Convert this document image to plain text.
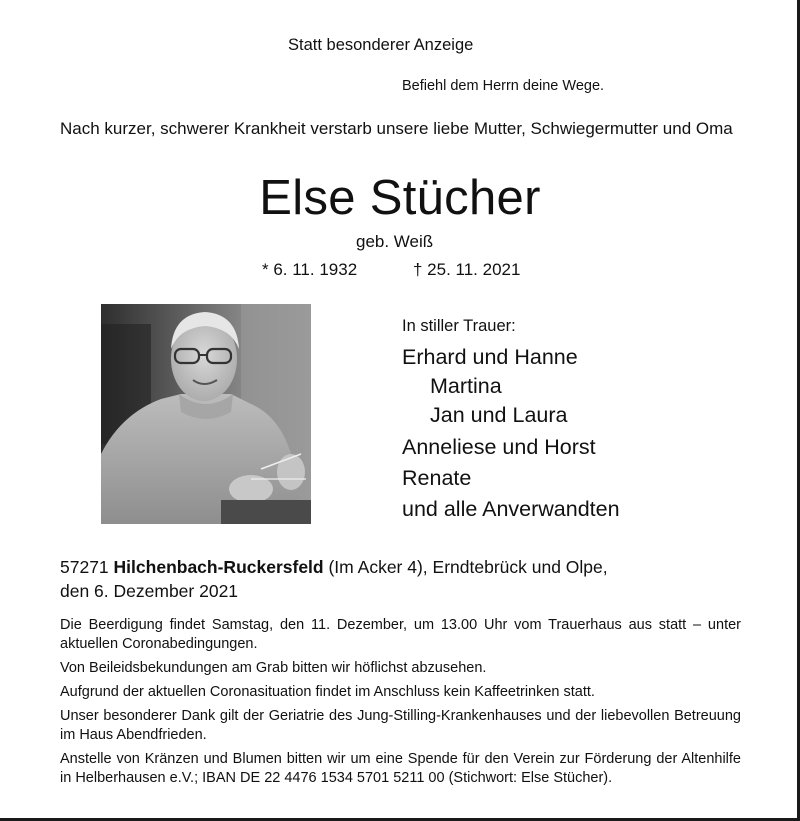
Statt besonderer Anzeige
Befiehl dem Herrn deine Wege.
Nach kurzer, schwerer Krankheit verstarb unsere liebe Mutter, Schwiegermutter und Oma
Else Stücher
geb. Weiß
* 6. 11. 1932	† 25. 11. 2021
In stiller Trauer:
Erhard und Hanne
Martina
Jan und Laura
Anneliese und Horst
Renate
und alle Anverwandten
57271 Hilchenbach-Ruckersfeld (Im Acker 4), Erndtebrück und Olpe,
den 6. Dezember 2021
Die Beerdigung findet Samstag, den 11. Dezember, um 13.00 Uhr vom Trauerhaus aus statt – unter aktuellen Coronabedingungen.
Von Beileidsbekundungen am Grab bitten wir höflichst abzusehen.
Aufgrund der aktuellen Coronasituation findet im Anschluss kein Kaffeetrinken statt.
Unser besonderer Dank gilt der Geriatrie des Jung-Stilling-Krankenhauses und der liebevollen Betreuung im Haus Abendfrieden.
Anstelle von Kränzen und Blumen bitten wir um eine Spende für den Verein zur Förderung der Altenhilfe in Helberhausen e.V.; IBAN DE 22 4476 1534 5701 5211 00 (Stichwort: Else Stücher).
